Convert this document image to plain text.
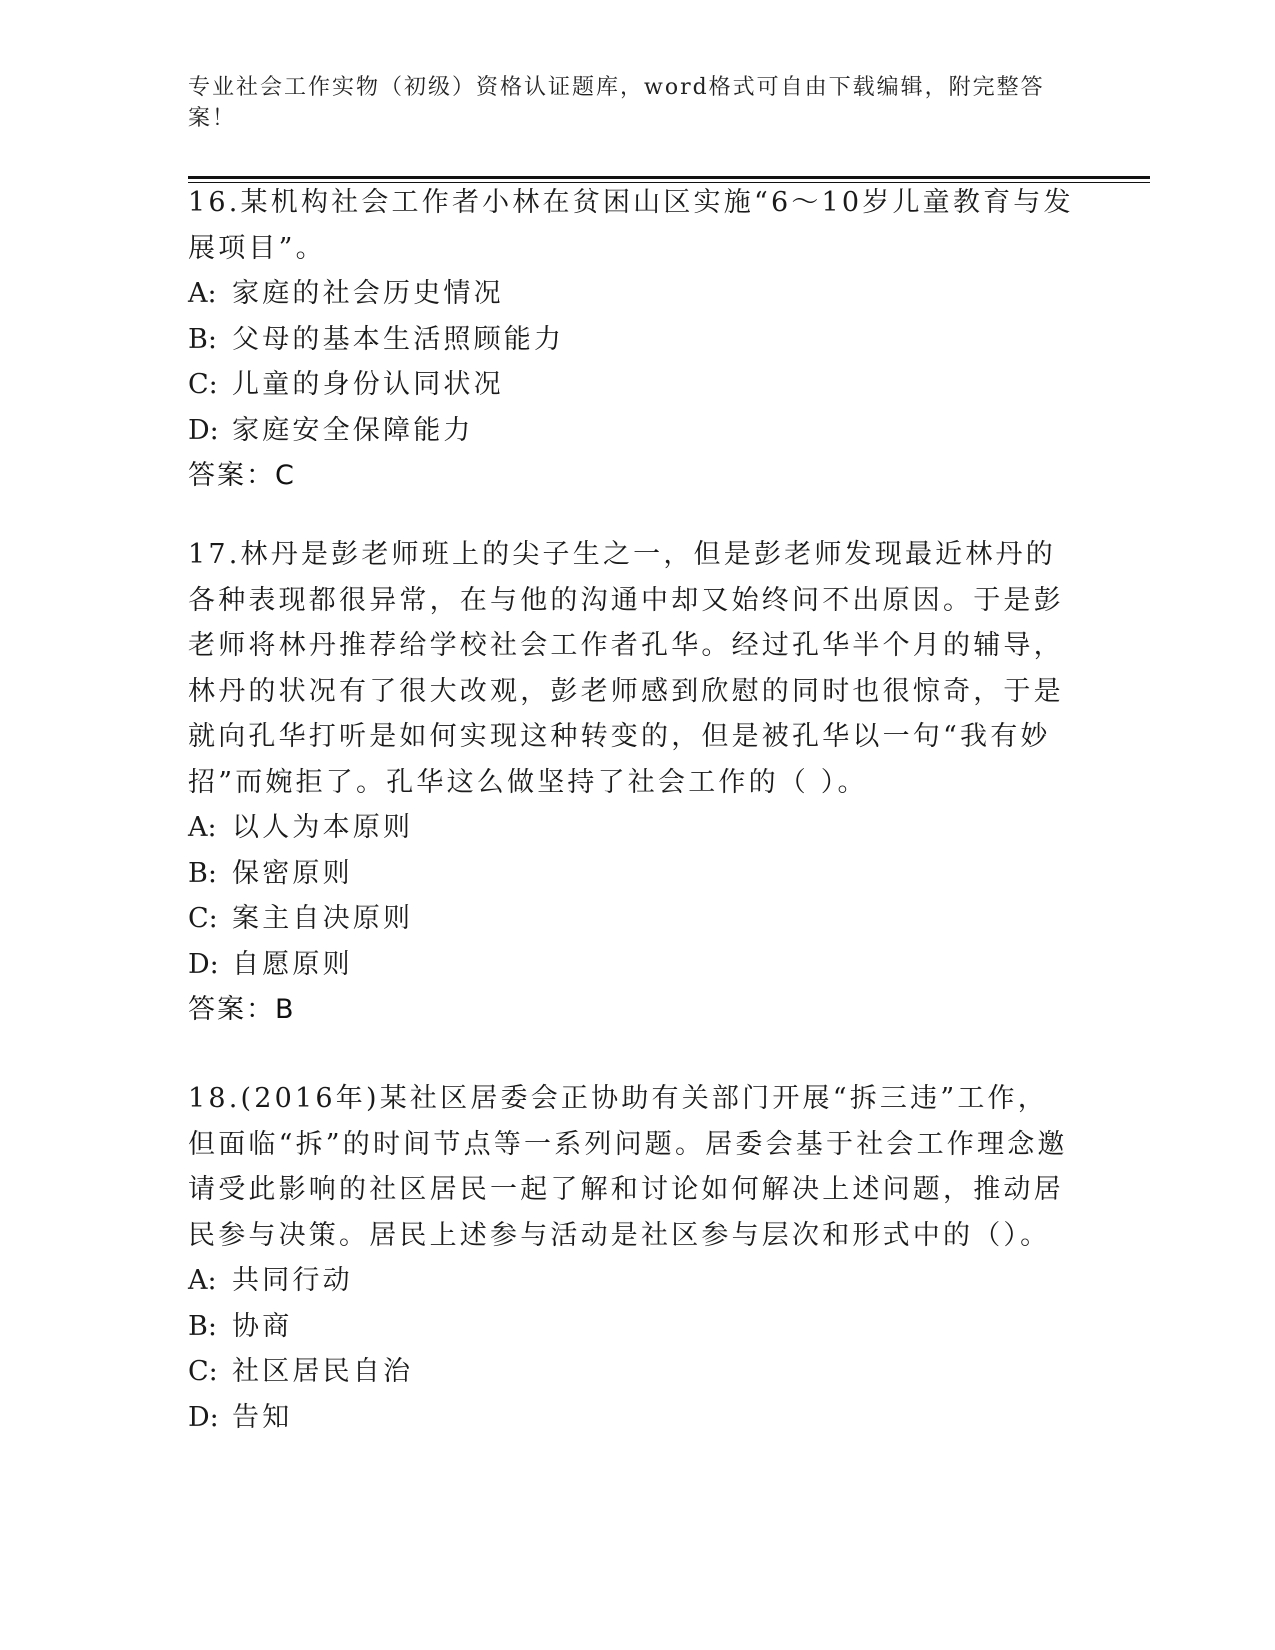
专业社会工作实物（初级）资格认证题库，word格式可自由下载编辑，附完整答案！
16.某机构社会工作者小林在贫困山区实施“6～10岁儿童教育与发展项目”。
A: 家庭的社会历史情况
B: 父母的基本生活照顾能力
C: 儿童的身份认同状况
D: 家庭安全保障能力
答案：C
17.林丹是彭老师班上的尖子生之一，但是彭老师发现最近林丹的各种表现都很异常，在与他的沟通中却又始终问不出原因。于是彭老师将林丹推荐给学校社会工作者孔华。经过孔华半个月的辅导，林丹的状况有了很大改观，彭老师感到欣慰的同时也很惊奇，于是就向孔华打听是如何实现这种转变的，但是被孔华以一句“我有妙招”而婉拒了。孔华这么做坚持了社会工作的（ ）。
A: 以人为本原则
B: 保密原则
C: 案主自决原则
D: 自愿原则
答案：B
18.(2016年)某社区居委会正协助有关部门开展“拆三违”工作，但面临“拆”的时间节点等一系列问题。居委会基于社会工作理念邀请受此影响的社区居民一起了解和讨论如何解决上述问题，推动居民参与决策。居民上述参与活动是社区参与层次和形式中的（）。
A: 共同行动
B: 协商
C: 社区居民自治
D: 告知
